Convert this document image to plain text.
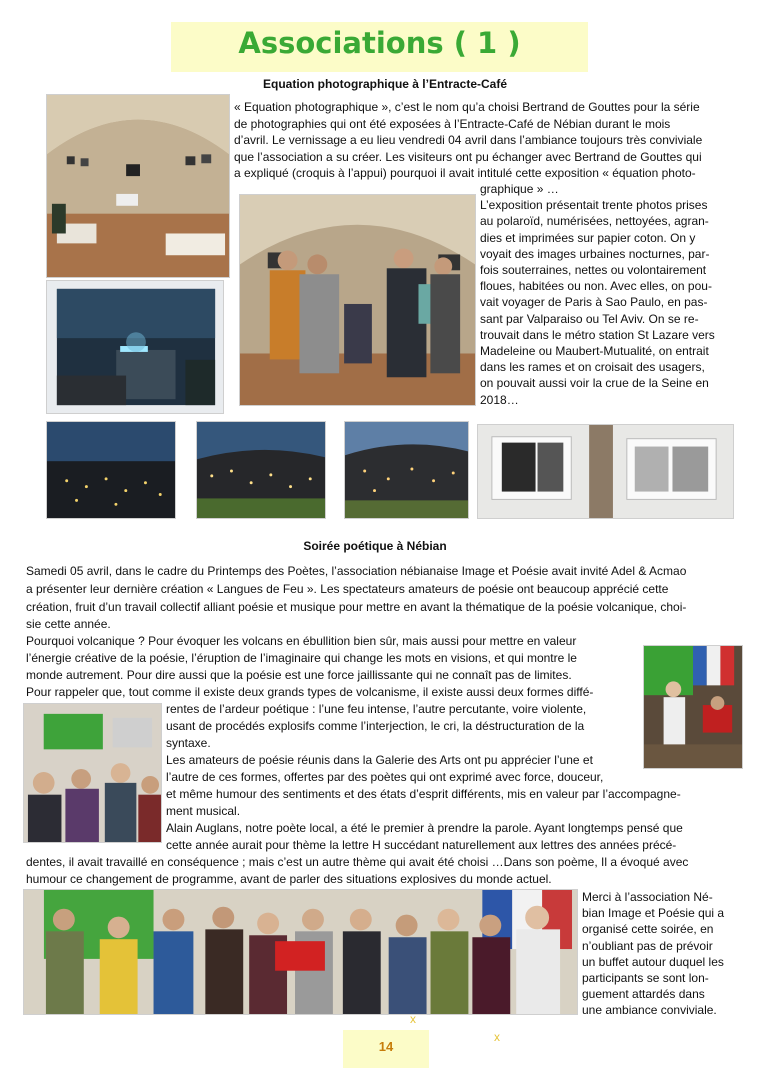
Associations ( 1 )
Equation photographique à l’Entracte-Café
« Equation photographique », c’est le nom qu’a choisi Bertrand de Gouttes pour la série
de photographies qui ont été exposées à l’Entracte-Café de Nébian durant le mois
d’avril. Le vernissage a eu lieu vendredi 04 avril dans l’ambiance toujours très conviviale
que l’association a su créer. Les visiteurs ont pu échanger avec Bertrand de Gouttes qui
a expliqué (croquis à l’appui) pourquoi il avait intitulé cette exposition « équation photo-
graphique » …
L’exposition présentait trente photos prises
au polaroïd, numérisées, nettoyées, agran-
dies et imprimées sur papier coton. On y
voyait des images urbaines nocturnes, par-
fois souterraines, nettes ou volontairement
floues, habitées ou non. Avec elles, on pou-
vait voyager de Paris à Sao Paulo, en pas-
sant par Valparaiso ou Tel Aviv. On se re-
trouvait dans le métro station St Lazare vers
Madeleine ou Maubert-Mutualité, on entrait
dans les rames et on croisait des usagers,
on pouvait aussi voir la crue de la Seine en
2018…
Soirée poétique à Nébian
Samedi 05 avril, dans le cadre du Printemps des Poètes, l’association nébianaise Image et Poésie avait invité Adel & Acmao
a présenter leur dernière création « Langues de Feu ». Les spectateurs amateurs de poésie ont beaucoup apprécié cette
création, fruit d’un travail collectif alliant poésie et musique pour mettre en avant la thématique de la poésie volcanique, choi-
sie cette année.
Pourquoi volcanique ? Pour évoquer les volcans en ébullition bien sûr, mais aussi pour mettre en valeur
l’énergie créative de la poésie, l’éruption de l’imaginaire qui change les mots en visions, et qui montre le
monde autrement. Pour dire aussi que la poésie est une force jaillissante qui ne connaît pas de limites.
Pour rappeler que, tout comme il existe deux grands types de volcanisme, il existe aussi deux formes diffé-
rentes de l’ardeur poétique : l’une feu intense, l’autre percutante, voire violente,
usant de procédés explosifs comme l’interjection, le cri, la déstructuration de la
syntaxe.
Les amateurs de poésie réunis dans la Galerie des Arts ont pu apprécier l’une et
l’autre de ces formes, offertes par des poètes qui ont exprimé avec force, douceur,
et même humour des sentiments et des états d’esprit différents, mis en valeur par l’accompagne-
ment musical.
Alain Auglans, notre poète local, a été le premier à prendre la parole. Ayant longtemps pensé que
cette année aurait pour thème la lettre H succédant naturellement aux lettres des années précé-
dentes, il avait travaillé en conséquence ; mais c’est un autre thème qui avait été choisi …Dans son poème, Il a évoqué avec
humour ce changement de programme, avant de parler des situations explosives du monde actuel.
Merci à l’association Né-
bian Image et Poésie qui a
organisé cette soirée, en
n’oubliant pas de prévoir
un buffet autour duquel les
participants se sont lon-
guement attardés dans
une ambiance conviviale.
x
x
14
